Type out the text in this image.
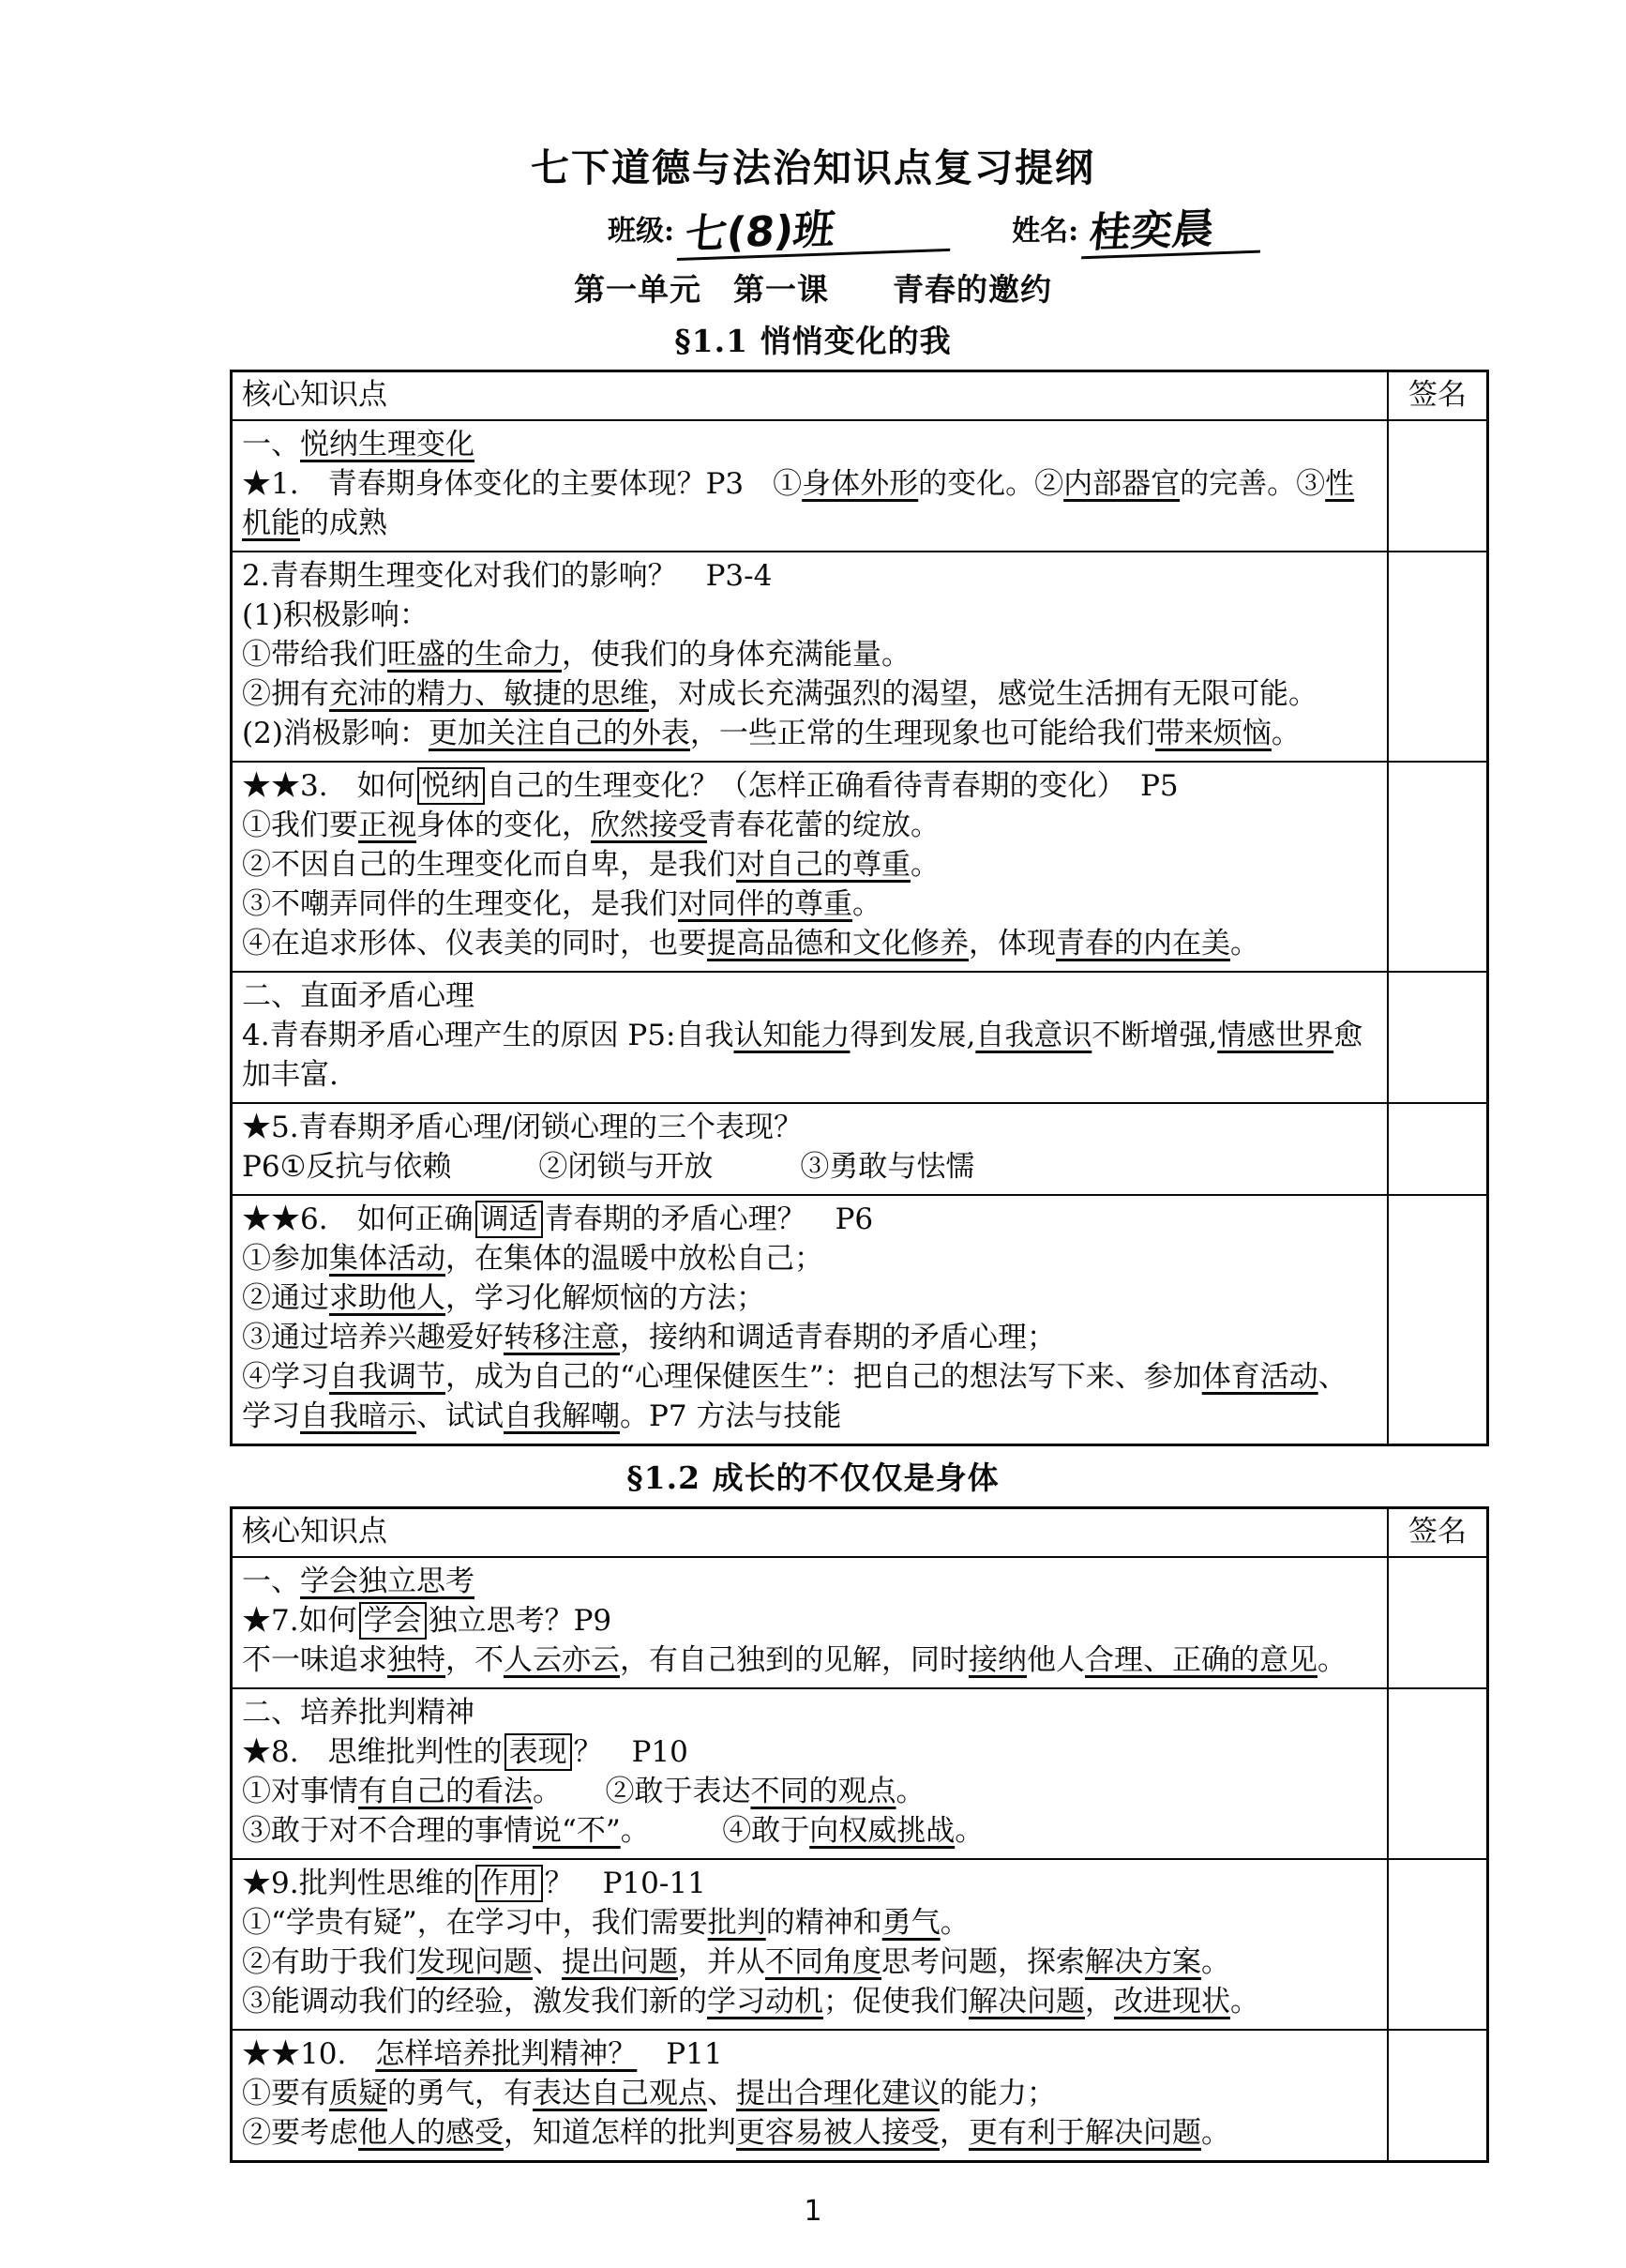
七下道德与法治知识点复习提纲
班级: 七(8)班	姓名: 桂奕晨
第一单元　第一课　　青春的邀约
§1.1 悄悄变化的我
核心知识点	签名

一、悦纳生理变化
★1.　青春期身体变化的主要体现？P3　①身体外形的变化。②内部器官的完善。③性机能的成熟	

2.青春期生理变化对我们的影响？　P3-4
(1)积极影响：
①带给我们旺盛的生命力，使我们的身体充满能量。
②拥有充沛的精力、敏捷的思维，对成长充满强烈的渴望，感觉生活拥有无限可能。
(2)消极影响：更加关注自己的外表，一些正常的生理现象也可能给我们带来烦恼。	

★★3.　如何 悦纳 自己的生理变化？（怎样正确看待青春期的变化）　P5
①我们要正视身体的变化，欣然接受青春花蕾的绽放。
②不因自己的生理变化而自卑，是我们对自己的尊重。
③不嘲弄同伴的生理变化，是我们对同伴的尊重。
④在追求形体、仪表美的同时，也要提高品德和文化修养，体现青春的内在美。	

二、直面矛盾心理
4.青春期矛盾心理产生的原因 P5:自我认知能力得到发展,自我意识不断增强,情感世界愈加丰富.	

★5.青春期矛盾心理/闭锁心理的三个表现？
P6①反抗与依赖　　　②闭锁与开放　　　③勇敢与怯懦	

★★6.　如何正确 调适 青春期的矛盾心理？　P6
①参加集体活动，在集体的温暖中放松自己；
②通过求助他人，学习化解烦恼的方法；
③通过培养兴趣爱好转移注意，接纳和调适青春期的矛盾心理；
④学习自我调节，成为自己的“心理保健医生”：把自己的想法写下来、参加体育活动、学习自我暗示、试试自我解嘲。P7 方法与技能	

§1.2 成长的不仅仅是身体
核心知识点	签名

一、学会独立思考
★7.如何 学会 独立思考？P9
不一味追求独特，不人云亦云，有自己独到的见解，同时接纳他人合理、正确的意见。	

二、培养批判精神
★8.　思维批判性的 表现 ？　P10
①对事情有自己的看法。　　②敢于表达不同的观点。
③敢于对不合理的事情说“不”。　　　④敢于向权威挑战。	

★9.批判性思维的 作用 ？　P10-11
①“学贵有疑”，在学习中，我们需要批判的精神和勇气。
②有助于我们发现问题、提出问题，并从不同角度思考问题，探索解决方案。
③能调动我们的经验，激发我们新的学习动机；促使我们解决问题，改进现状。	

★★10.　怎样培养批判精神？　P11
①要有质疑的勇气，有表达自己观点、提出合理化建议的能力；
②要考虑他人的感受，知道怎样的批判更容易被人接受，更有利于解决问题。	

1
